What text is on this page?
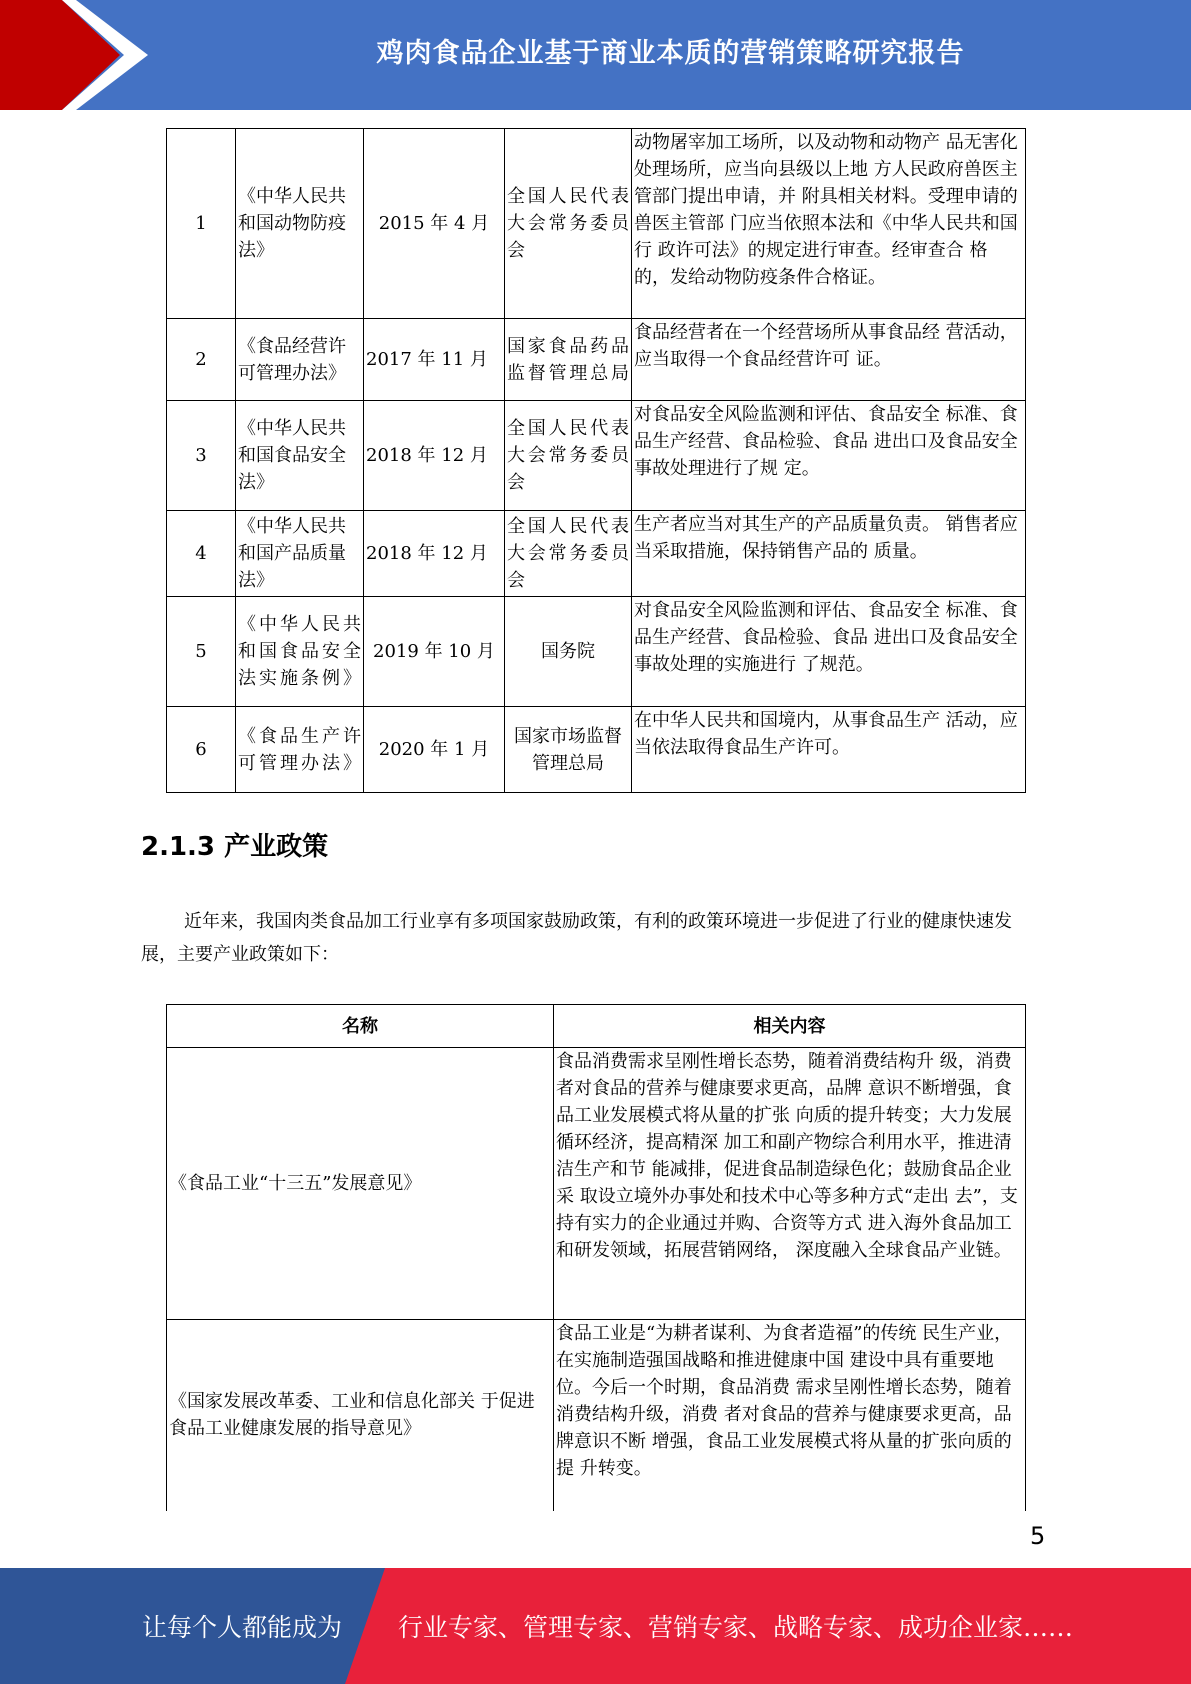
鸡肉食品企业基于商业本质的营销策略研究报告
1	《中华人民共和国动物防疫法》	2015 年 4 月	全国人民代表大会常务委员会	动物屠宰加工场所，以及动物和动物产 品无害化处理场所，应当向县级以上地 方人民政府兽医主管部门提出申请，并 附具相关材料。受理申请的兽医主管部 门应当依照本法和《中华人民共和国行 政许可法》的规定进行审查。经审查合 格的，发给动物防疫条件合格证。
2	《食品经营许可管理办法》	2017 年 11 月	国家食品药品监督管理总局	食品经营者在一个经营场所从事食品经 营活动，应当取得一个食品经营许可 证。
3	《中华人民共和国食品安全法》	2018 年 12 月	全国人民代表大会常务委员会	对食品安全风险监测和评估、食品安全 标准、食品生产经营、食品检验、食品 进出口及食品安全事故处理进行了规 定。
4	《中华人民共和国产品质量法》	2018 年 12 月	全国人民代表大会常务委员会	生产者应当对其生产的产品质量负责。 销售者应当采取措施，保持销售产品的 质量。
5	《中华人民共和国食品安全法实施条例》	2019 年 10 月	国务院	对食品安全风险监测和评估、食品安全 标准、食品生产经营、食品检验、食品 进出口及食品安全事故处理的实施进行 了规范。
6	《食品生产许可管理办法》	2020 年 1 月	国家市场监督管理总局	在中华人民共和国境内，从事食品生产 活动，应当依法取得食品生产许可。
2.1.3 产业政策
近年来，我国肉类食品加工行业享有多项国家鼓励政策，有利的政策环境进一步促进了行业的健康快速发展，主要产业政策如下：
名称	相关内容
《食品工业“十三五”发展意见》	食品消费需求呈刚性增长态势，随着消费结构升 级，消费者对食品的营养与健康要求更高，品牌 意识不断增强，食品工业发展模式将从量的扩张 向质的提升转变；大力发展循环经济，提高精深 加工和副产物综合利用水平，推进清洁生产和节 能减排，促进食品制造绿色化；鼓励食品企业采 取设立境外办事处和技术中心等多种方式“走出 去”，支持有实力的企业通过并购、合资等方式 进入海外食品加工和研发领域，拓展营销网络， 深度融入全球食品产业链。
《国家发展改革委、工业和信息化部关 于促进食品工业健康发展的指导意见》	食品工业是“为耕者谋利、为食者造福”的传统 民生产业，在实施制造强国战略和推进健康中国 建设中具有重要地位。今后一个时期，食品消费 需求呈刚性增长态势，随着消费结构升级，消费 者对食品的营养与健康要求更高，品牌意识不断 增强，食品工业发展模式将从量的扩张向质的提 升转变。
5
让每个人都能成为 行业专家、管理专家、营销专家、战略专家、成功企业家……
